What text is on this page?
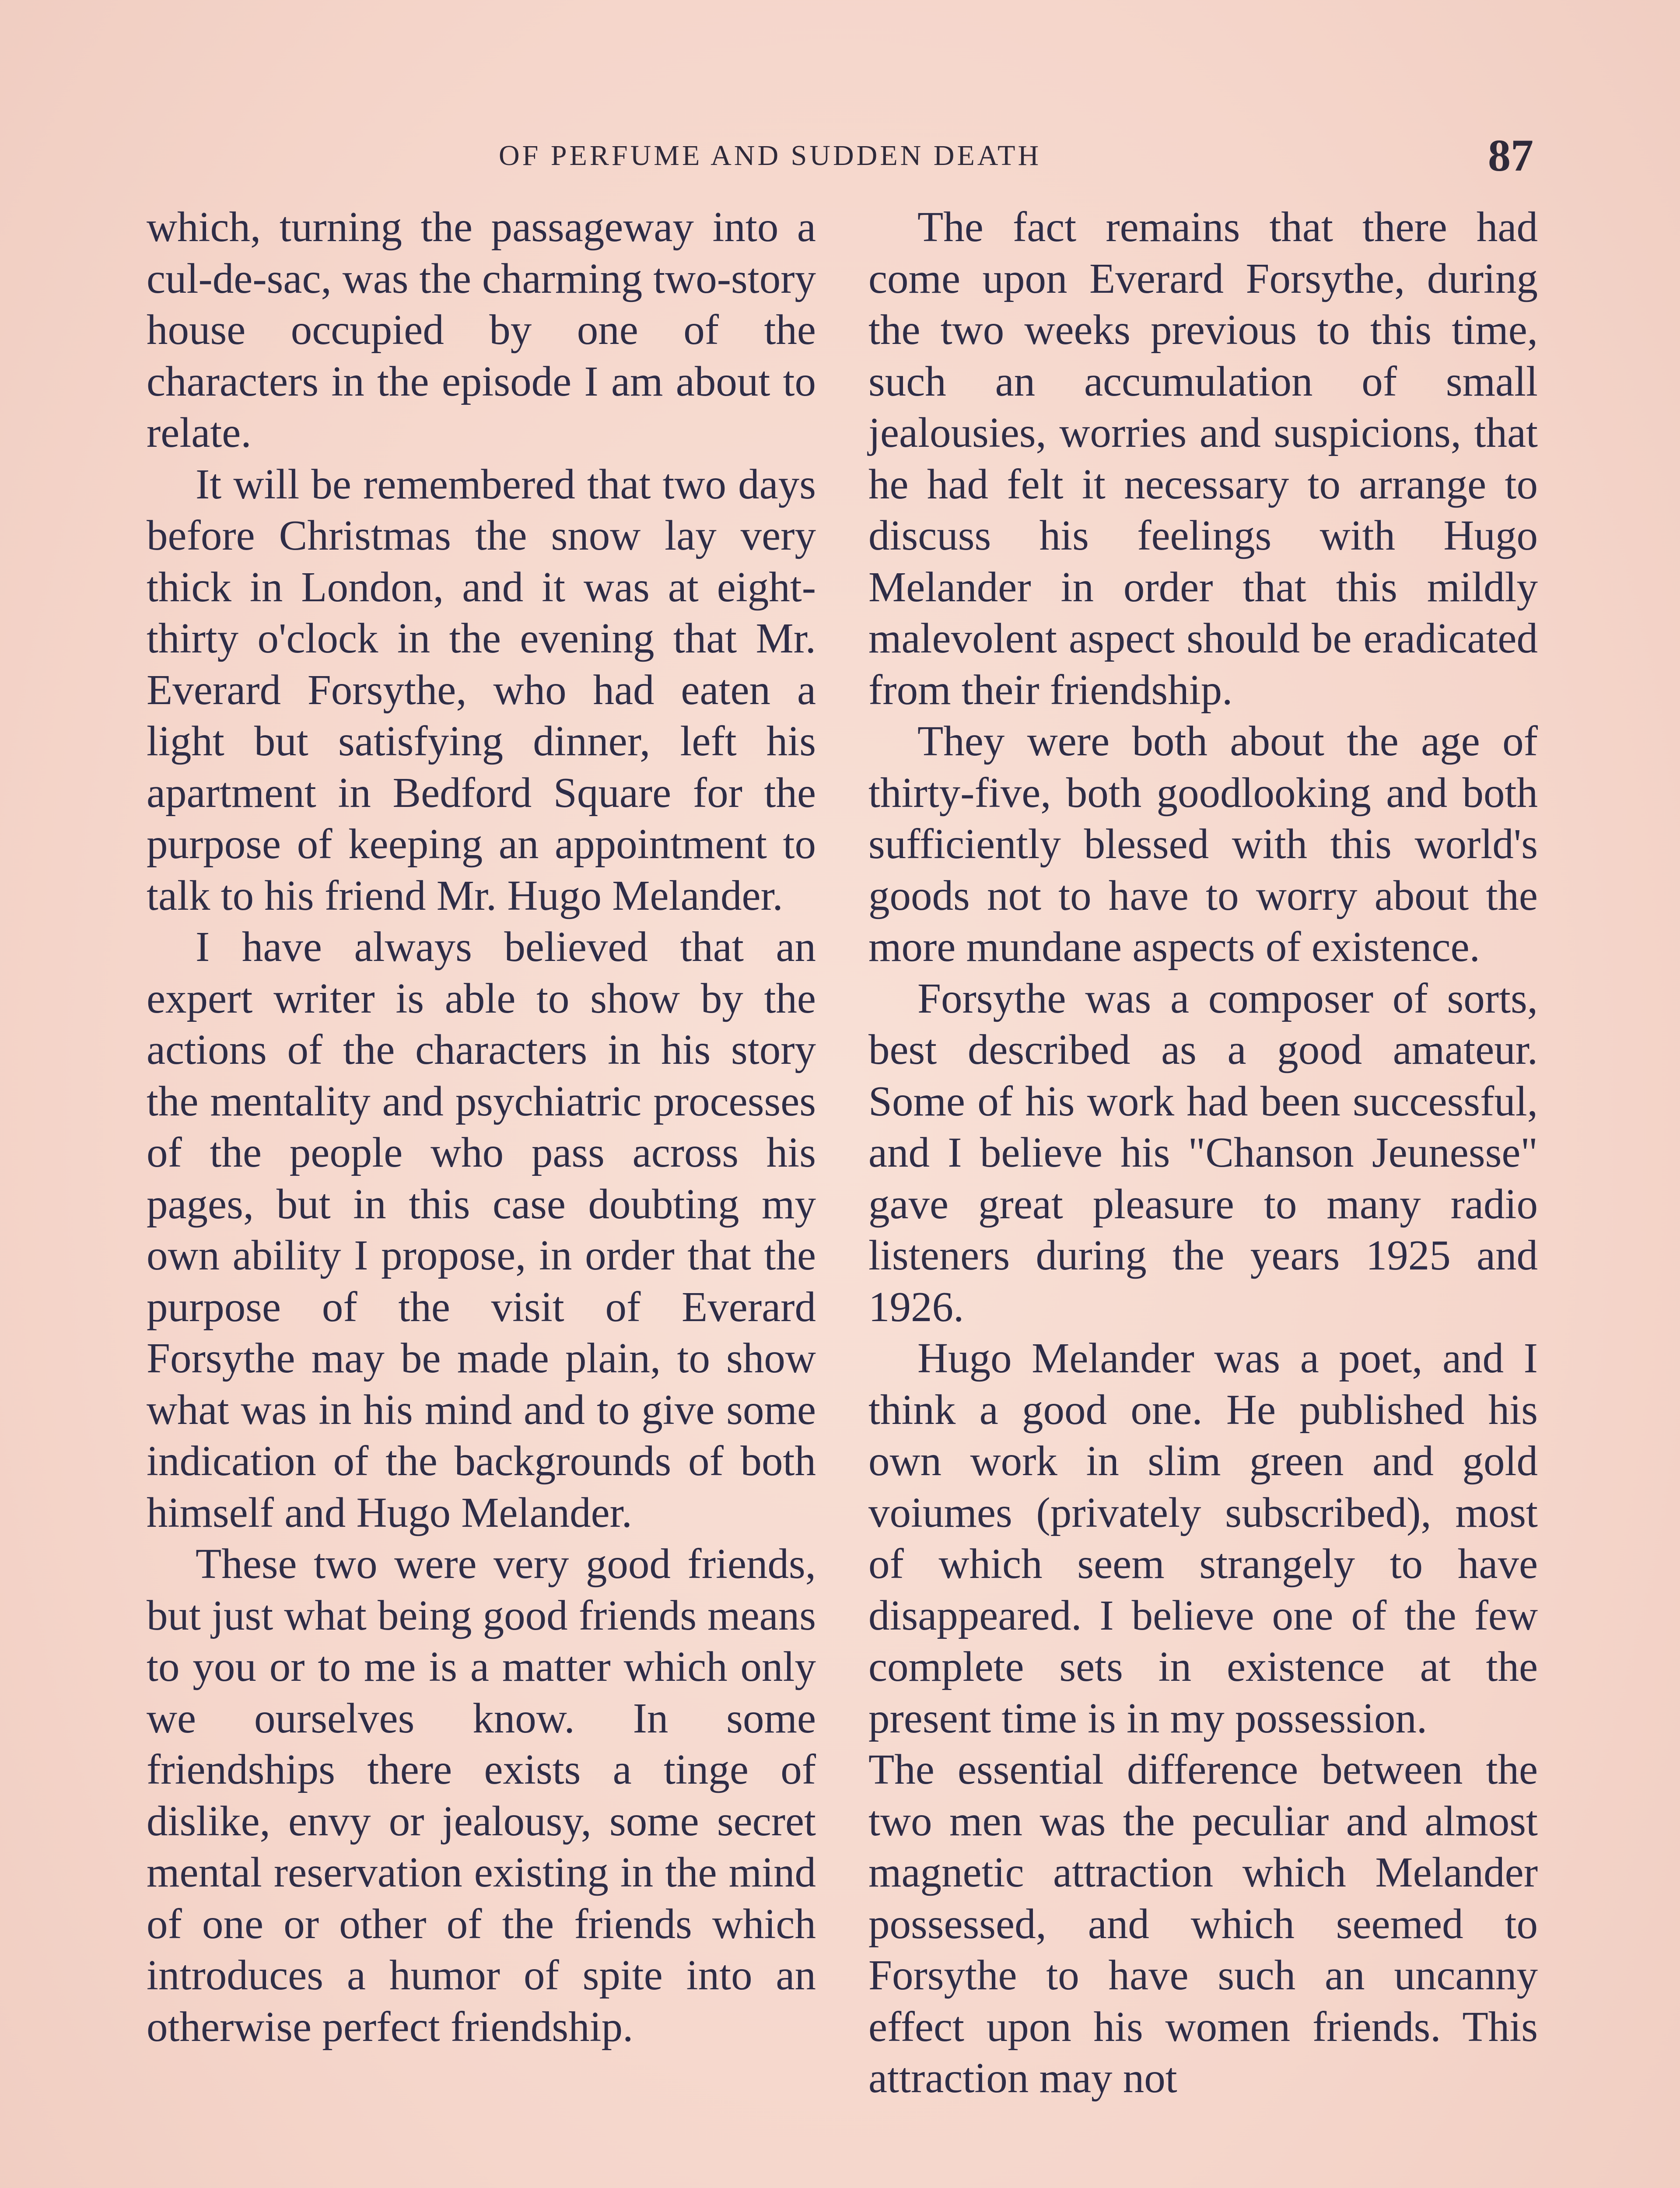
OF PERFUME AND SUDDEN DEATH	87

which, turning the passageway into a cul-de-sac, was the charming two-story house occupied by one of the characters in the episode I am about to relate.

It will be remembered that two days before Christmas the snow lay very thick in London, and it was at eight-thirty o'clock in the evening that Mr. Everard Forsythe, who had eaten a light but satisfying dinner, left his apartment in Bedford Square for the purpose of keeping an appointment to talk to his friend Mr. Hugo Melander.

I have always believed that an expert writer is able to show by the actions of the characters in his story the mentality and psychiatric processes of the people who pass across his pages, but in this case doubting my own ability I propose, in order that the purpose of the visit of Everard Forsythe may be made plain, to show what was in his mind and to give some indication of the backgrounds of both himself and Hugo Melander.

These two were very good friends, but just what being good friends means to you or to me is a matter which only we ourselves know. In some friendships there exists a tinge of dislike, envy or jealousy, some secret mental reservation existing in the mind of one or other of the friends which introduces a humor of spite into an otherwise perfect friendship.

The fact remains that there had come upon Everard Forsythe, during the two weeks previous to this time, such an accumulation of small jealousies, worries and suspicions, that he had felt it necessary to arrange to discuss his feelings with Hugo Melander in order that this mildly malevolent aspect should be eradicated from their friendship.

They were both about the age of thirty-five, both goodlooking and both sufficiently blessed with this world's goods not to have to worry about the more mundane aspects of existence.

Forsythe was a composer of sorts, best described as a good amateur. Some of his work had been successful, and I believe his "Chanson Jeunesse" gave great pleasure to many radio listeners during the years 1925 and 1926.

Hugo Melander was a poet, and I think a good one. He published his own work in slim green and gold voiumes (privately subscribed), most of which seem strangely to have disappeared. I believe one of the few complete sets in existence at the present time is in my possession.

The essential difference between the two men was the peculiar and almost magnetic attraction which Melander possessed, and which seemed to Forsythe to have such an uncanny effect upon his women friends. This attraction may not
